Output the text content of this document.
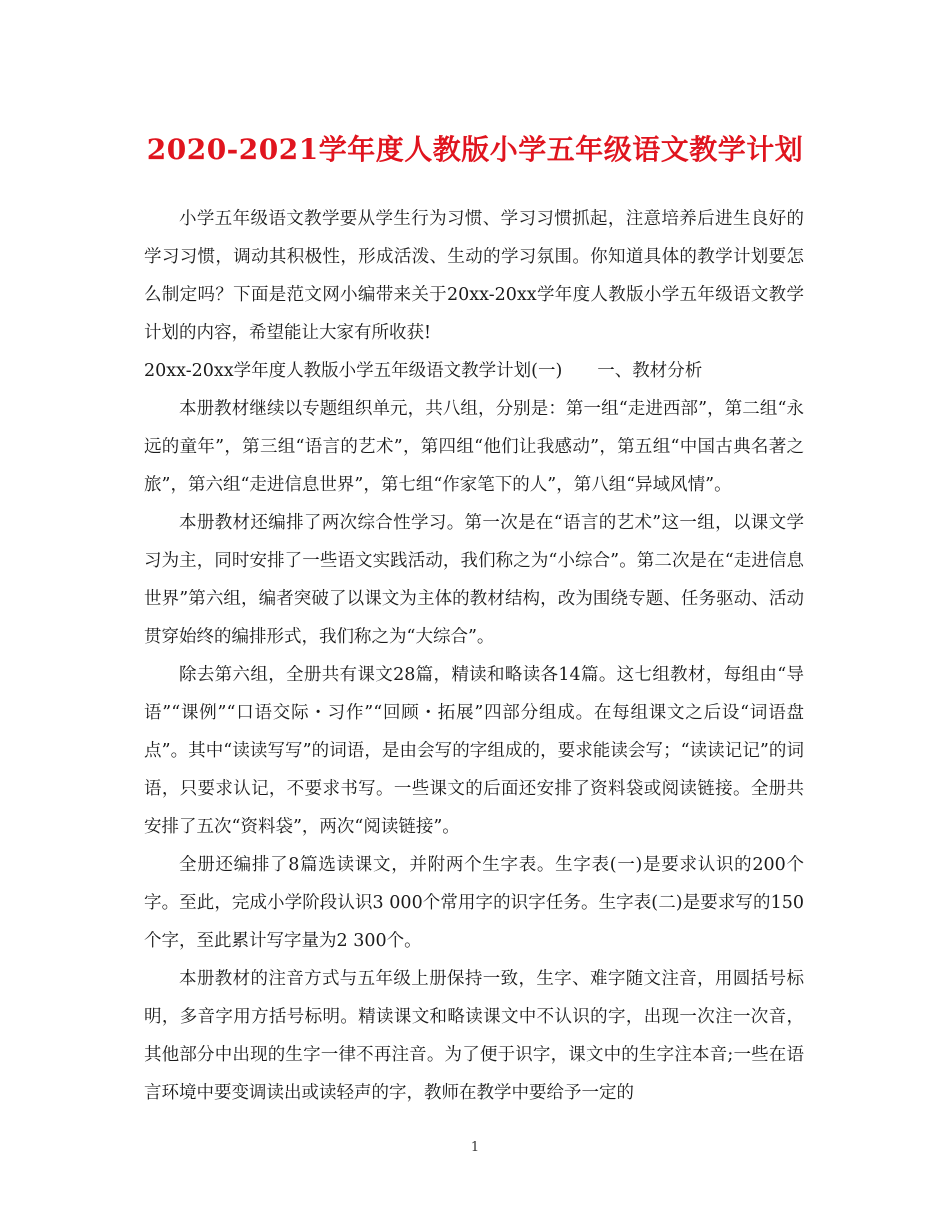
2020-2021学年度人教版小学五年级语文教学计划

小学五年级语文教学要从学生行为习惯、学习习惯抓起，注意培养后进生良好的学习习惯，调动其积极性，形成活泼、生动的学习氛围。你知道具体的教学计划要怎么制定吗？下面是范文网小编带来关于20xx-20xx学年度人教版小学五年级语文教学计划的内容，希望能让大家有所收获!

20xx-20xx学年度人教版小学五年级语文教学计划(一)　　一、教材分析

本册教材继续以专题组织单元，共八组，分别是：第一组“走进西部”，第二组“永远的童年”，第三组“语言的艺术”，第四组“他们让我感动”，第五组“中国古典名著之旅”，第六组“走进信息世界”，第七组“作家笔下的人”，第八组“异域风情”。

本册教材还编排了两次综合性学习。第一次是在“语言的艺术”这一组，以课文学习为主，同时安排了一些语文实践活动，我们称之为“小综合”。第二次是在“走进信息世界”第六组，编者突破了以课文为主体的教材结构，改为围绕专题、任务驱动、活动贯穿始终的编排形式，我们称之为“大综合”。

除去第六组，全册共有课文28篇，精读和略读各14篇。这七组教材，每组由“导语”“课例”“口语交际・习作”“回顾・拓展”四部分组成。在每组课文之后设“词语盘点”。其中“读读写写”的词语，是由会写的字组成的，要求能读会写；“读读记记”的词语，只要求认记，不要求书写。一些课文的后面还安排了资料袋或阅读链接。全册共安排了五次“资料袋”，两次“阅读链接”。

全册还编排了8篇选读课文，并附两个生字表。生字表(一)是要求认识的200个字。至此，完成小学阶段认识3 000个常用字的识字任务。生字表(二)是要求写的150个字，至此累计写字量为2 300个。

本册教材的注音方式与五年级上册保持一致，生字、难字随文注音，用圆括号标明，多音字用方括号标明。精读课文和略读课文中不认识的字，出现一次注一次音，其他部分中出现的生字一律不再注音。为了便于识字，课文中的生字注本音;一些在语言环境中要变调读出或读轻声的字，教师在教学中要给予一定的

1
